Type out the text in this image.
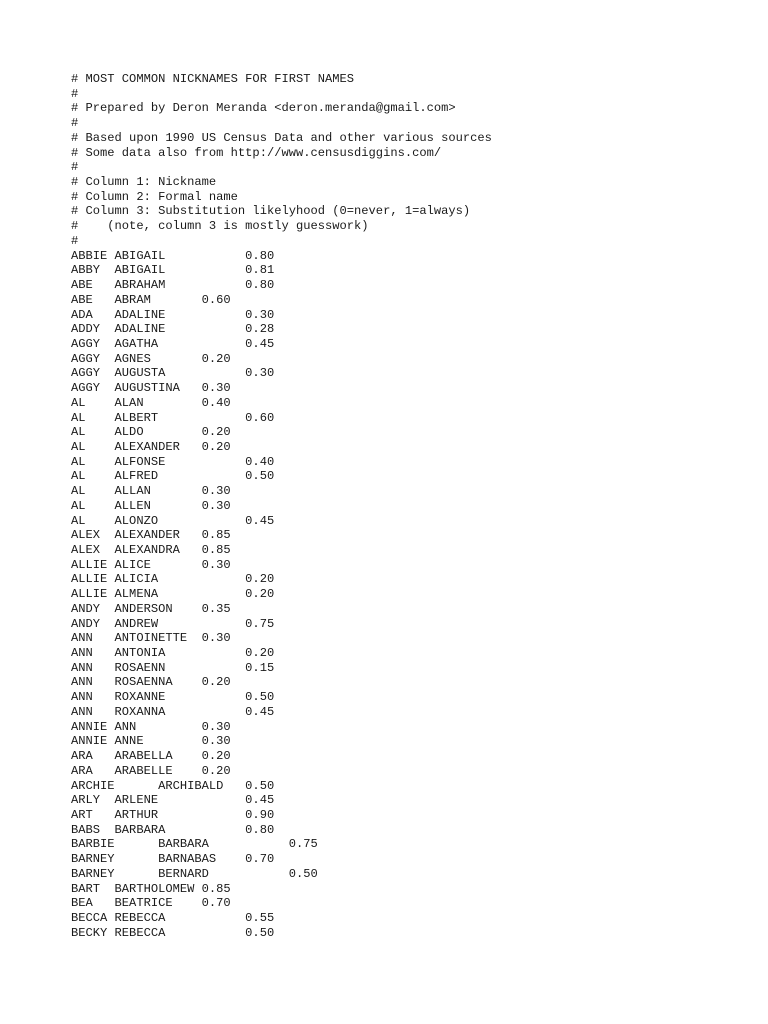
# MOST COMMON NICKNAMES FOR FIRST NAMES
#
# Prepared by Deron Meranda <deron.meranda@gmail.com>
#
# Based upon 1990 US Census Data and other various sources
# Some data also from http://www.censusdiggins.com/
#
# Column 1: Nickname
# Column 2: Formal name
# Column 3: Substitution likelyhood (0=never, 1=always)
#    (note, column 3 is mostly guesswork)
#
ABBIE ABIGAIL           0.80
ABBY  ABIGAIL           0.81
ABE   ABRAHAM           0.80
ABE   ABRAM       0.60
ADA   ADALINE           0.30
ADDY  ADALINE           0.28
AGGY  AGATHA            0.45
AGGY  AGNES       0.20
AGGY  AUGUSTA           0.30
AGGY  AUGUSTINA   0.30
AL    ALAN        0.40
AL    ALBERT            0.60
AL    ALDO        0.20
AL    ALEXANDER   0.20
AL    ALFONSE           0.40
AL    ALFRED            0.50
AL    ALLAN       0.30
AL    ALLEN       0.30
AL    ALONZO            0.45
ALEX  ALEXANDER   0.85
ALEX  ALEXANDRA   0.85
ALLIE ALICE       0.30
ALLIE ALICIA            0.20
ALLIE ALMENA            0.20
ANDY  ANDERSON    0.35
ANDY  ANDREW            0.75
ANN   ANTOINETTE  0.30
ANN   ANTONIA           0.20
ANN   ROSAENN           0.15
ANN   ROSAENNA    0.20
ANN   ROXANNE           0.50
ANN   ROXANNA           0.45
ANNIE ANN         0.30
ANNIE ANNE        0.30
ARA   ARABELLA    0.20
ARA   ARABELLE    0.20
ARCHIE      ARCHIBALD   0.50
ARLY  ARLENE            0.45
ART   ARTHUR            0.90
BABS  BARBARA           0.80
BARBIE      BARBARA           0.75
BARNEY      BARNABAS    0.70
BARNEY      BERNARD           0.50
BART  BARTHOLOMEW 0.85
BEA   BEATRICE    0.70
BECCA REBECCA           0.55
BECKY REBECCA           0.50
